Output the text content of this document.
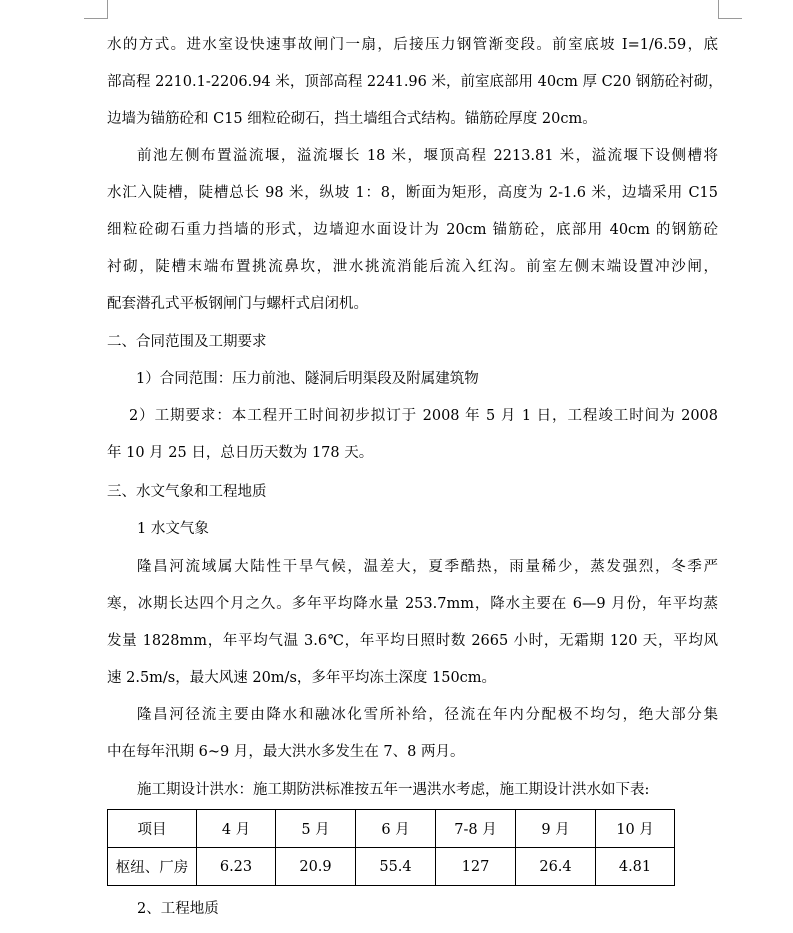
水的方式。进水室设快速事故闸门一扇，后接压力钢管渐变段。前室底坡 I=1/6.59，底
部高程 2210.1-2206.94 米，顶部高程 2241.96 米，前室底部用 40cm 厚 C20 钢筋砼衬砌，
边墙为锚筋砼和 C15 细粒砼砌石，挡土墙组合式结构。锚筋砼厚度 20cm。
前池左侧布置溢流堰，溢流堰长 18 米，堰顶高程 2213.81 米，溢流堰下设侧槽将
水汇入陡槽，陡槽总长 98 米，纵坡 1：8，断面为矩形，高度为 2-1.6 米，边墙采用 C15
细粒砼砌石重力挡墙的形式，边墙迎水面设计为 20cm 锚筋砼，底部用 40cm 的钢筋砼
衬砌，陡槽末端布置挑流鼻坎，泄水挑流消能后流入红沟。前室左侧末端设置冲沙闸，
配套潜孔式平板钢闸门与螺杆式启闭机。
二、合同范围及工期要求
1）合同范围：压力前池、隧洞后明渠段及附属建筑物
2）工期要求：本工程开工时间初步拟订于 2008 年 5 月 1 日，工程竣工时间为 2008
年 10 月 25 日，总日历天数为 178 天。
三、水文气象和工程地质
1 水文气象
隆昌河流域属大陆性干旱气候，温差大，夏季酷热，雨量稀少，蒸发强烈，冬季严
寒，冰期长达四个月之久。多年平均降水量 253.7mm，降水主要在 6—9 月份，年平均蒸
发量 1828mm，年平均气温 3.6℃，年平均日照时数 2665 小时，无霜期 120 天，平均风
速 2.5m/s，最大风速 20m/s，多年平均冻土深度 150cm。
隆昌河径流主要由降水和融冰化雪所补给，径流在年内分配极不均匀，绝大部分集
中在每年汛期 6~9 月，最大洪水多发生在 7、8 两月。
施工期设计洪水：施工期防洪标准按五年一遇洪水考虑，施工期设计洪水如下表:
项目	4 月	5 月	6 月	7-8 月	9 月	10 月
枢纽、厂房	6.23	20.9	55.4	127	26.4	4.81
2、工程地质
